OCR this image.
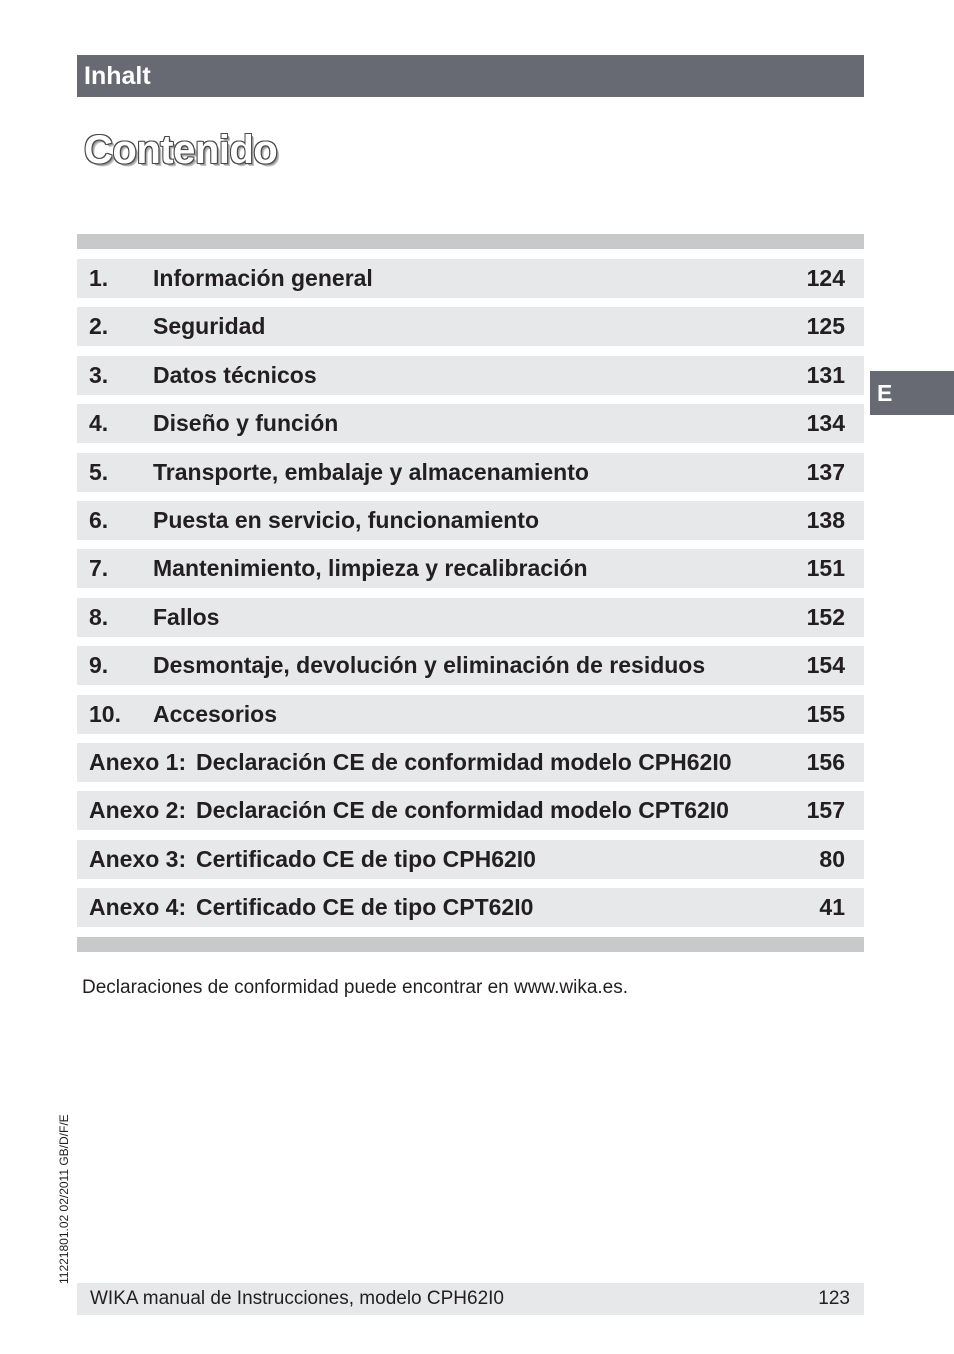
Inhalt
Contenido
1. Información general	124
2. Seguridad	125
3. Datos técnicos	131
4. Diseño y función	134
5. Transporte, embalaje y almacenamiento	137
6. Puesta en servicio, funcionamiento	138
7. Mantenimiento, limpieza y recalibración	151
8. Fallos	152
9. Desmontaje, devolución y eliminación de residuos	154
10. Accesorios	155
Anexo 1: Declaración CE de conformidad modelo CPH62I0	156
Anexo 2: Declaración CE de conformidad modelo CPT62I0	157
Anexo 3: Certificado CE de tipo CPH62I0	80
Anexo 4: Certificado CE de tipo CPT62I0	41
Declaraciones de conformidad puede encontrar en www.wika.es.
E
11221801.02 02/2011 GB/D/F/E
WIKA manual de Instrucciones, modelo CPH62I0	123
